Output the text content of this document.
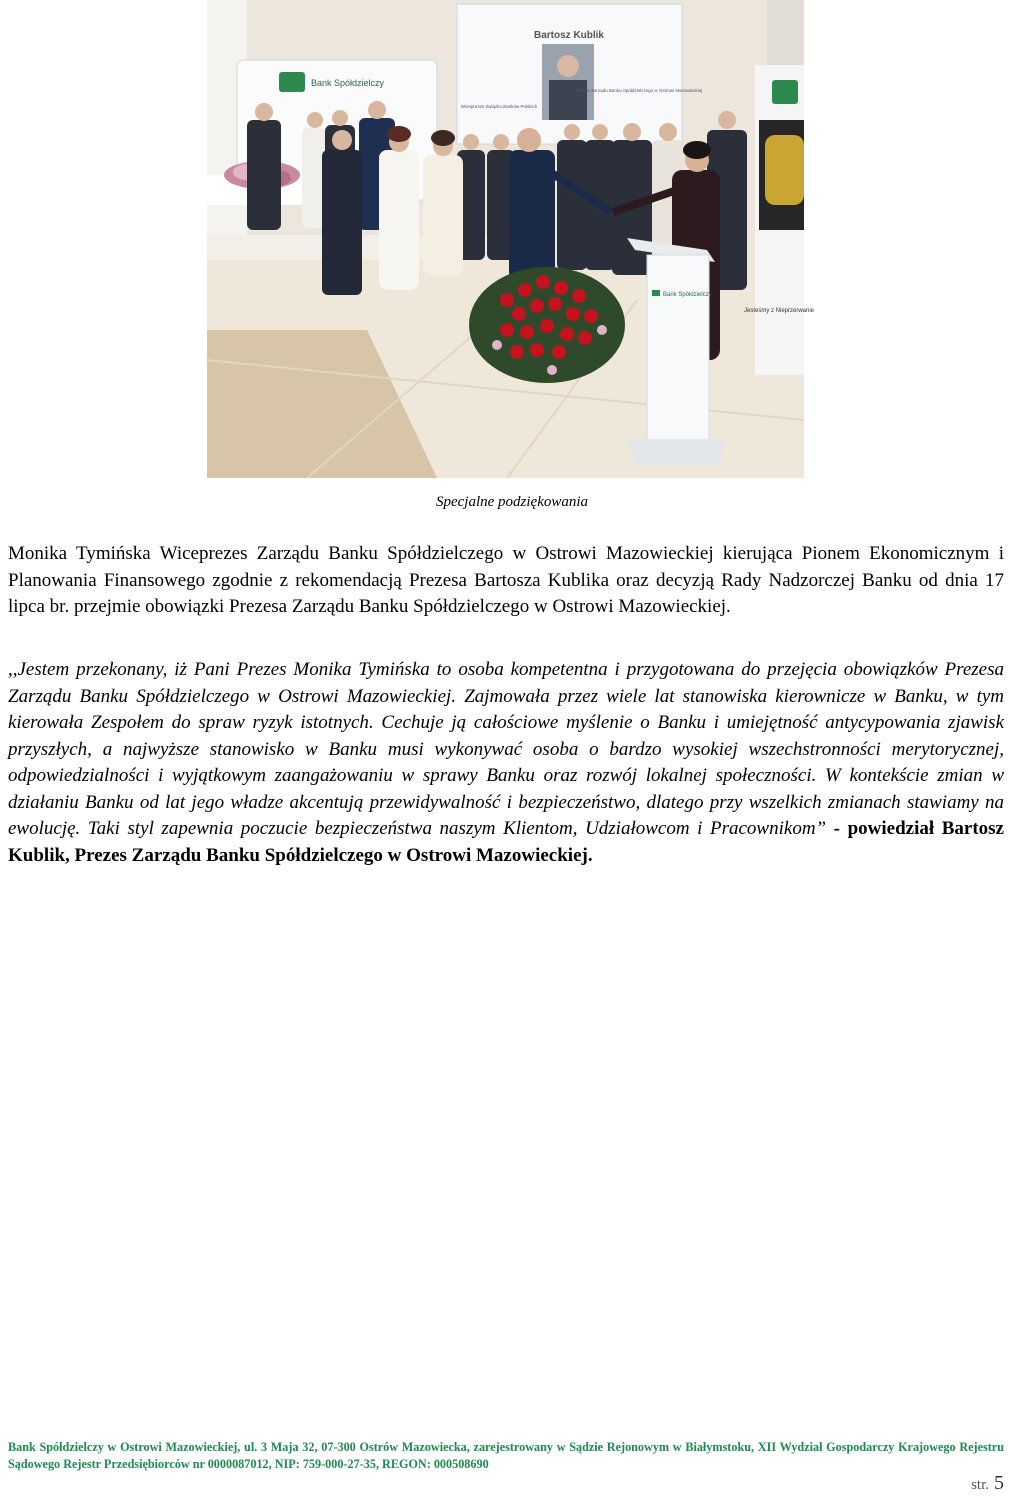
Bartosz Kublik
Wiceprezes Związku Banków Polskich
Prezes Zarządu Banku Spółdzielczego w Ostrowi Mazowieckiej
Bank Spółdzielczy
Jesteśmy z Nieprzerwanie
Bank Spółdzielczy
Specjalne podziękowania

Monika Tymińska Wiceprezes Zarządu Banku Spółdzielczego w Ostrowi Mazowieckiej kierująca Pionem Ekonomicznym i Planowania Finansowego zgodnie z rekomendacją Prezesa Bartosza Kublika oraz decyzją Rady Nadzorczej Banku od dnia 17 lipca br. przejmie obowiązki Prezesa Zarządu Banku Spółdzielczego w Ostrowi Mazowieckiej.

,,Jestem przekonany, iż Pani Prezes Monika Tymińska to osoba kompetentna i przygotowana do przejęcia obowiązków Prezesa Zarządu Banku Spółdzielczego w Ostrowi Mazowieckiej. Zajmowała przez wiele lat stanowiska kierownicze w Banku, w tym kierowała Zespołem do spraw ryzyk istotnych. Cechuje ją całościowe myślenie o Banku i umiejętność antycypowania zjawisk przyszłych, a najwyższe stanowisko w Banku musi wykonywać osoba o bardzo wysokiej wszechstronności merytorycznej, odpowiedzialności i wyjątkowym zaangażowaniu w sprawy Banku oraz rozwój lokalnej społeczności. W kontekście zmian w działaniu Banku od lat jego władze akcentują przewidywalność i bezpieczeństwo, dlatego przy wszelkich zmianach stawiamy na ewolucję. Taki styl zapewnia poczucie bezpieczeństwa naszym Klientom, Udziałowcom i Pracownikom” - powiedział Bartosz Kublik, Prezes Zarządu Banku Spółdzielczego w Ostrowi Mazowieckiej.

Bank Spółdzielczy w Ostrowi Mazowieckiej, ul. 3 Maja 32, 07-300 Ostrów Mazowiecka, zarejestrowany w Sądzie Rejonowym w Białymstoku, XII Wydział Gospodarczy Krajowego Rejestru Sądowego Rejestr Przedsiębiorców nr 0000087012, NIP: 759-000-27-35, REGON: 000508690
str. 5
